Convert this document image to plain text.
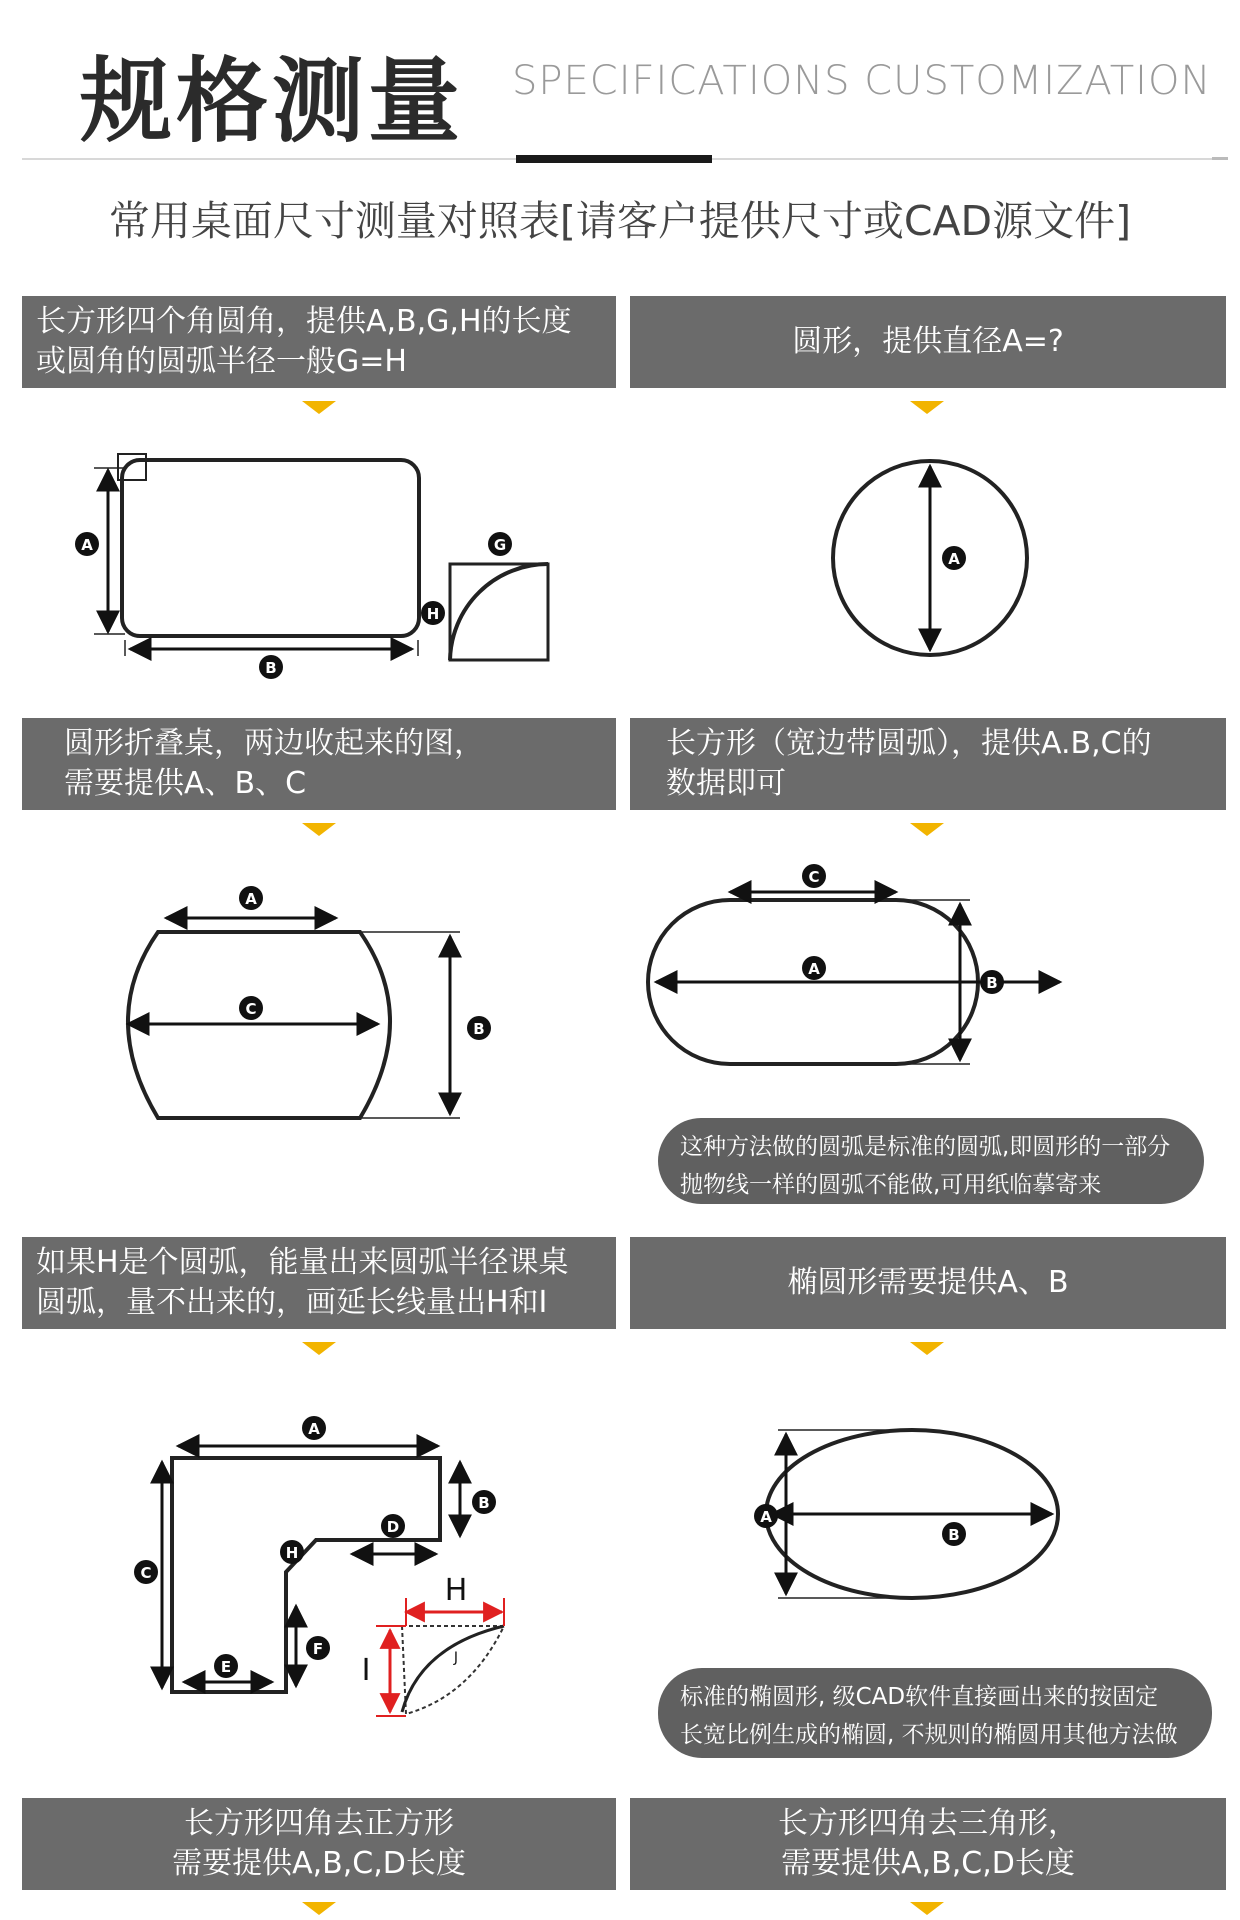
规格测量 SPECIFICATIONS CUSTOMIZATION
常用桌面尺寸测量对照表[请客户提供尺寸或CAD源文件]
长方形四个角圆角，提供A,B,G,H的长度
或圆角的圆弧半径一般G=H
圆形，提供直径A=?
圆形折叠桌，两边收起来的图，
需要提供A、B、C
长方形（宽边带圆弧），提供A.B,C的
数据即可
如果H是个圆弧，能量出来圆弧半径课桌
圆弧，量不出来的，画延长线量出H和I
椭圆形需要提供A、B
长方形四角去正方形
需要提供A,B,C,D长度
长方形四角去三角形，
需要提供A,B,C,D长度
A
B
G
H
A
A
C
B
C
A
B
这种方法做的圆弧是标准的圆弧,即圆形的一部分
抛物线一样的圆弧不能做,可用纸临摹寄来
A
B
C
D
E
F
H
H
I	J
A
B
标准的椭圆形, 级CAD软件直接画出来的按固定
长宽比例生成的椭圆, 不规则的椭圆用其他方法做
